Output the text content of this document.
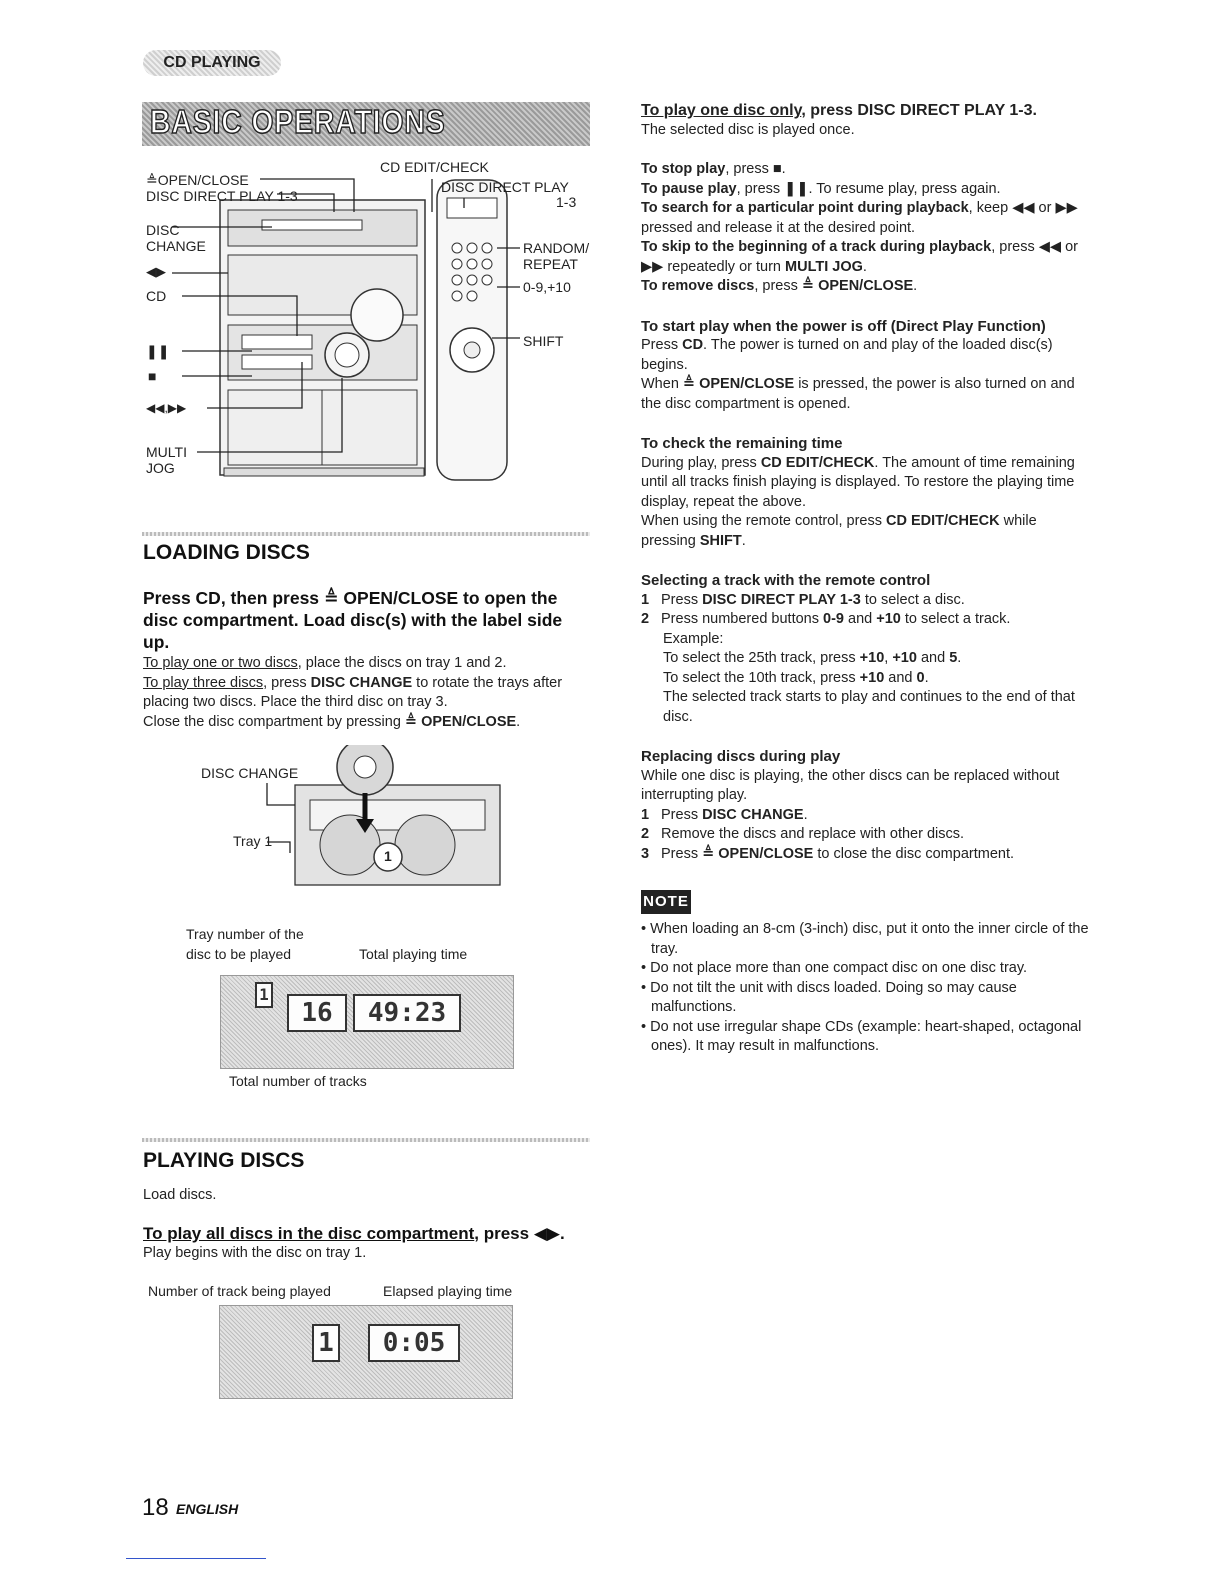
CD PLAYING
BASIC OPERATIONS
≜OPEN/CLOSE
CD EDIT/CHECK
DISC DIRECT PLAY 1-3
DISC DIRECT PLAY
1-3
DISC
CHANGE
◀▶
CD
❚❚
■
◀◀,▶▶
MULTI
JOG
RANDOM/
REPEAT
0-9,+10
SHIFT
LOADING DISCS
Press CD, then press ≜ OPEN/CLOSE to open the disc compartment. Load disc(s) with the label side up.

To play one or two discs, place the discs on tray 1 and 2.

To play three discs, press DISC CHANGE to rotate the trays after placing two discs. Place the third disc on tray 3.

Close the disc compartment by pressing ≜ OPEN/CLOSE.

DISC CHANGE
Tray 1
1
Tray number of the
disc to be played	Total playing time
1
16	49:23
Total number of tracks
PLAYING DISCS
Load discs.
To play all discs in the disc compartment, press ◀▶.
Play begins with the disc on tray 1.
Number of track being played	Elapsed playing time
1	0:05

To play one disc only, press DISC DIRECT PLAY 1-3.

The selected disc is played once.

To stop play, press ■.

To pause play, press ❚❚. To resume play, press again.

To search for a particular point during playback, keep ◀◀ or ▶▶ pressed and release it at the desired point.

To skip to the beginning of a track during playback, press ◀◀ or ▶▶ repeatedly or turn MULTI JOG.

To remove discs, press ≜ OPEN/CLOSE.

To start play when the power is off (Direct Play Function)

Press CD. The power is turned on and play of the loaded disc(s) begins.

When ≜ OPEN/CLOSE is pressed, the power is also turned on and the disc compartment is opened.

To check the remaining time

During play, press CD EDIT/CHECK. The amount of time remaining until all tracks finish playing is displayed. To restore the playing time display, repeat the above.

When using the remote control, press CD EDIT/CHECK while pressing SHIFT.

Selecting a track with the remote control

1 Press DISC DIRECT PLAY 1-3 to select a disc.

2 Press numbered buttons 0-9 and +10 to select a track.

Example:

To select the 25th track, press +10, +10 and 5.

To select the 10th track, press +10 and 0.

The selected track starts to play and continues to the end of that disc.

Replacing discs during play

While one disc is playing, the other discs can be replaced without interrupting play.

1 Press DISC CHANGE.

2 Remove the discs and replace with other discs.

3 Press ≜ OPEN/CLOSE to close the disc compartment.

NOTE

• When loading an 8-cm (3-inch) disc, put it onto the inner circle of the tray.

• Do not place more than one compact disc on one disc tray.

• Do not tilt the unit with discs loaded. Doing so may cause malfunctions.

• Do not use irregular shape CDs (example: heart-shaped, octagonal ones). It may result in malfunctions.

18 ENGLISH
